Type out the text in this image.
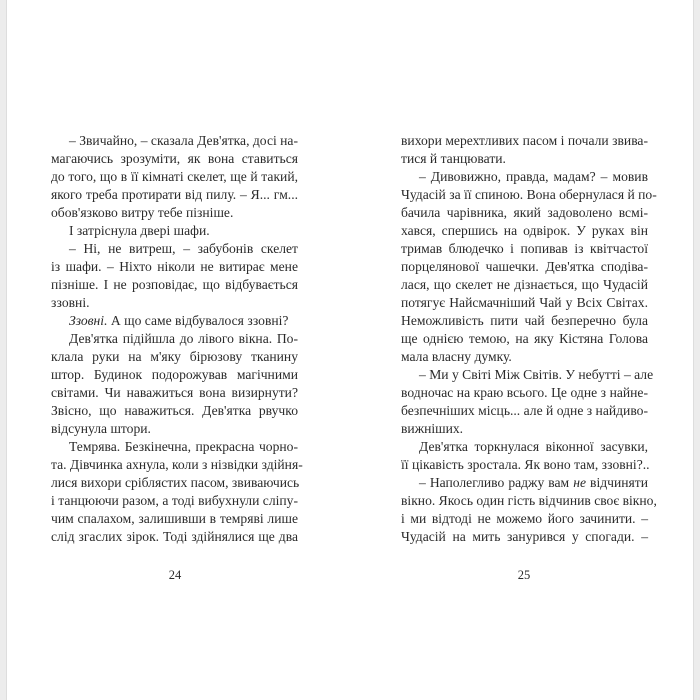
– Звичайно, – сказала Дев'ятка, досі на-
магаючись зрозуміти, як вона ставиться
до того, що в її кімнаті скелет, ще й такий,
якого треба протирати від пилу. – Я... гм...
обов'язково витру тебе пізніше.
І затріснула двері шафи.
– Ні, не витреш, – забубонів скелет
із шафи. – Ніхто ніколи не витирає мене
пізніше. І не розповідає, що відбувається
ззовні.
Ззовні. А що саме відбувалося ззовні?
Дев'ятка підійшла до лівого вікна. По-
клала руки на м'яку бірюзову тканину
штор. Будинок подорожував магічними
світами. Чи наважиться вона визирнути?
Звісно, що наважиться. Дев'ятка рвучко
відсунула штори.
Темрява. Безкінечна, прекрасна чорно-
та. Дівчинка ахнула, коли з нізвідки здійня-
лися вихори сріблястих пасом, звиваючись
і танцюючи разом, а тоді вибухнули сліпу-
чим спалахом, залишивши в темряві лише
слід згаслих зірок. Тоді здійнялися ще два
вихори мерехтливих пасом і почали звива-
тися й танцювати.
– Дивовижно, правда, мадам? – мовив
Чудасій за її спиною. Вона обернулася й по-
бачила чарівника, який задоволено всмі-
хався, спершись на одвірок. У руках він
тримав блюдечко і попивав із квітчастої
порцелянової чашечки. Дев'ятка сподіва-
лася, що скелет не дізнається, що Чудасій
потягує Найсмачніший Чай у Всіх Світах.
Неможливість пити чай безперечно була
ще однією темою, на яку Кістяна Голова
мала власну думку.
– Ми у Світі Між Світів. У небутті – але
водночас на краю всього. Це одне з найне-
безпечніших місць... але й одне з найдиво-
вижніших.
Дев'ятка торкнулася віконної засувки,
її цікавість зростала. Як воно там, ззовні?..
– Наполегливо раджу вам не відчиняти
вікно. Якось один гість відчинив своє вікно,
і ми відтоді не можемо його зачинити. –
Чудасій на мить занурився у спогади. –
24	25
